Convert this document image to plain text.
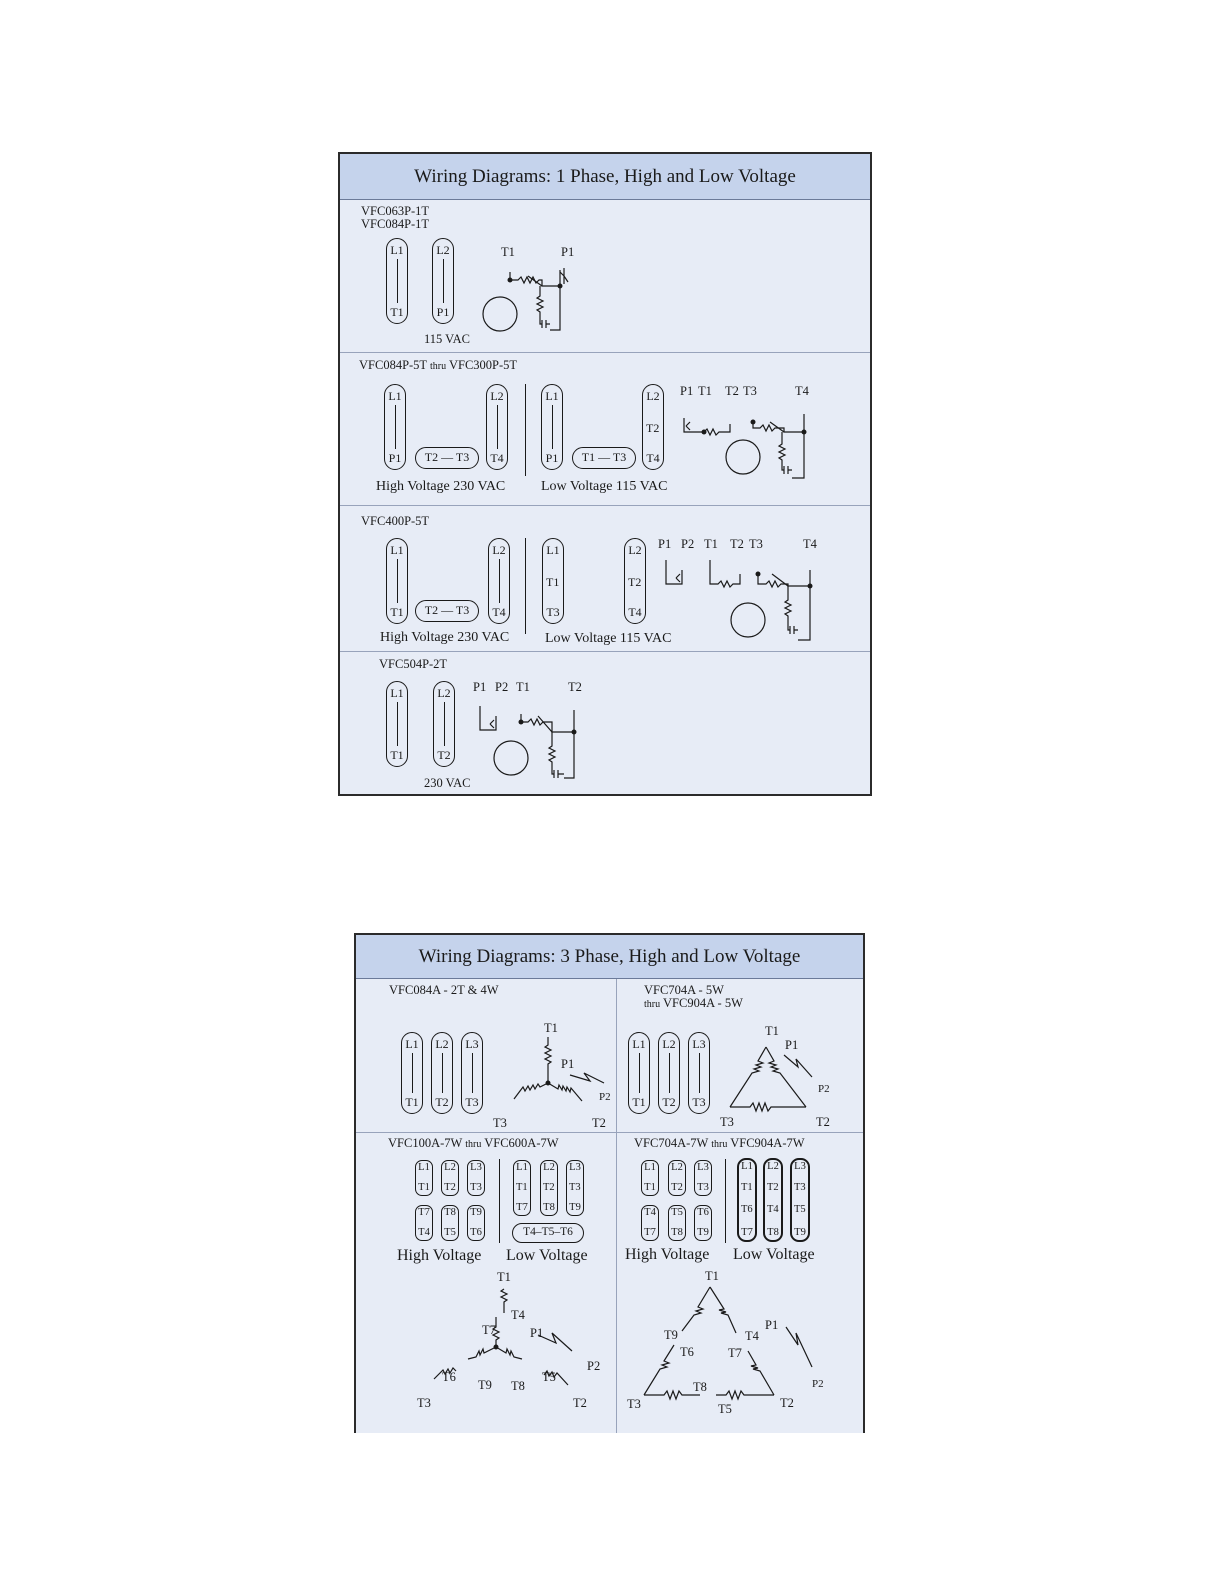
Wiring Diagrams: 1 Phase, High and Low Voltage
VFC063P-1T
VFC084P-1T
L1
T1
L2
P1
115 VAC
T1	P1
VFC084P-5T thru VFC300P-5T
L1
P1	T2 — T3
L2
T4
L1
P1	T1 — T3
L2
T2
T4
High Voltage 230 VAC	Low Voltage 115 VAC
P1 T1 T2 T3	T4
VFC400P-5T
L1
T1	T2 — T3
L2
T4
L1
T1
T3
L2
T2
T4
High Voltage 230 VAC	Low Voltage 115 VAC
P1 P2 T1 T2 T3	T4
VFC504P-2T
L1
T1
L2
T2
230 VAC
P1 P2 T1	T2
Wiring Diagrams: 3 Phase, High and Low Voltage
VFC084A - 2T & 4W
L1
T1
L2
T2
L3
T3
T1
P1
P2
T3	T2
VFC704A - 5W
thru VFC904A - 5W
L1
T1
L2
T2
L3
T3
T1
P1
P2
T3	T2
VFC100A-7W thru VFC600A-7W
L1
T1
L2
T2
L3
T3
T7
T4
T8
T5
T9
T6
L1
T1
T7
L2
T2
T8
L3
T3
T9
T4–T5–T6
High Voltage Low Voltage
T1
T4
T7	P1
P2
T6
T9 T8
T5
T3	T2
VFC704A-7W thru VFC904A-7W
L1
T1
L2
T2
L3
T3
T4
T7
T5
T8
T6
T9
L1
T1
T6
T7
L2
T2
T4
T8
L3
T3
T5
T9
High Voltage Low Voltage
T1
T9	T4
P1
T6	T7
T8	P2
T3	T5	T2
